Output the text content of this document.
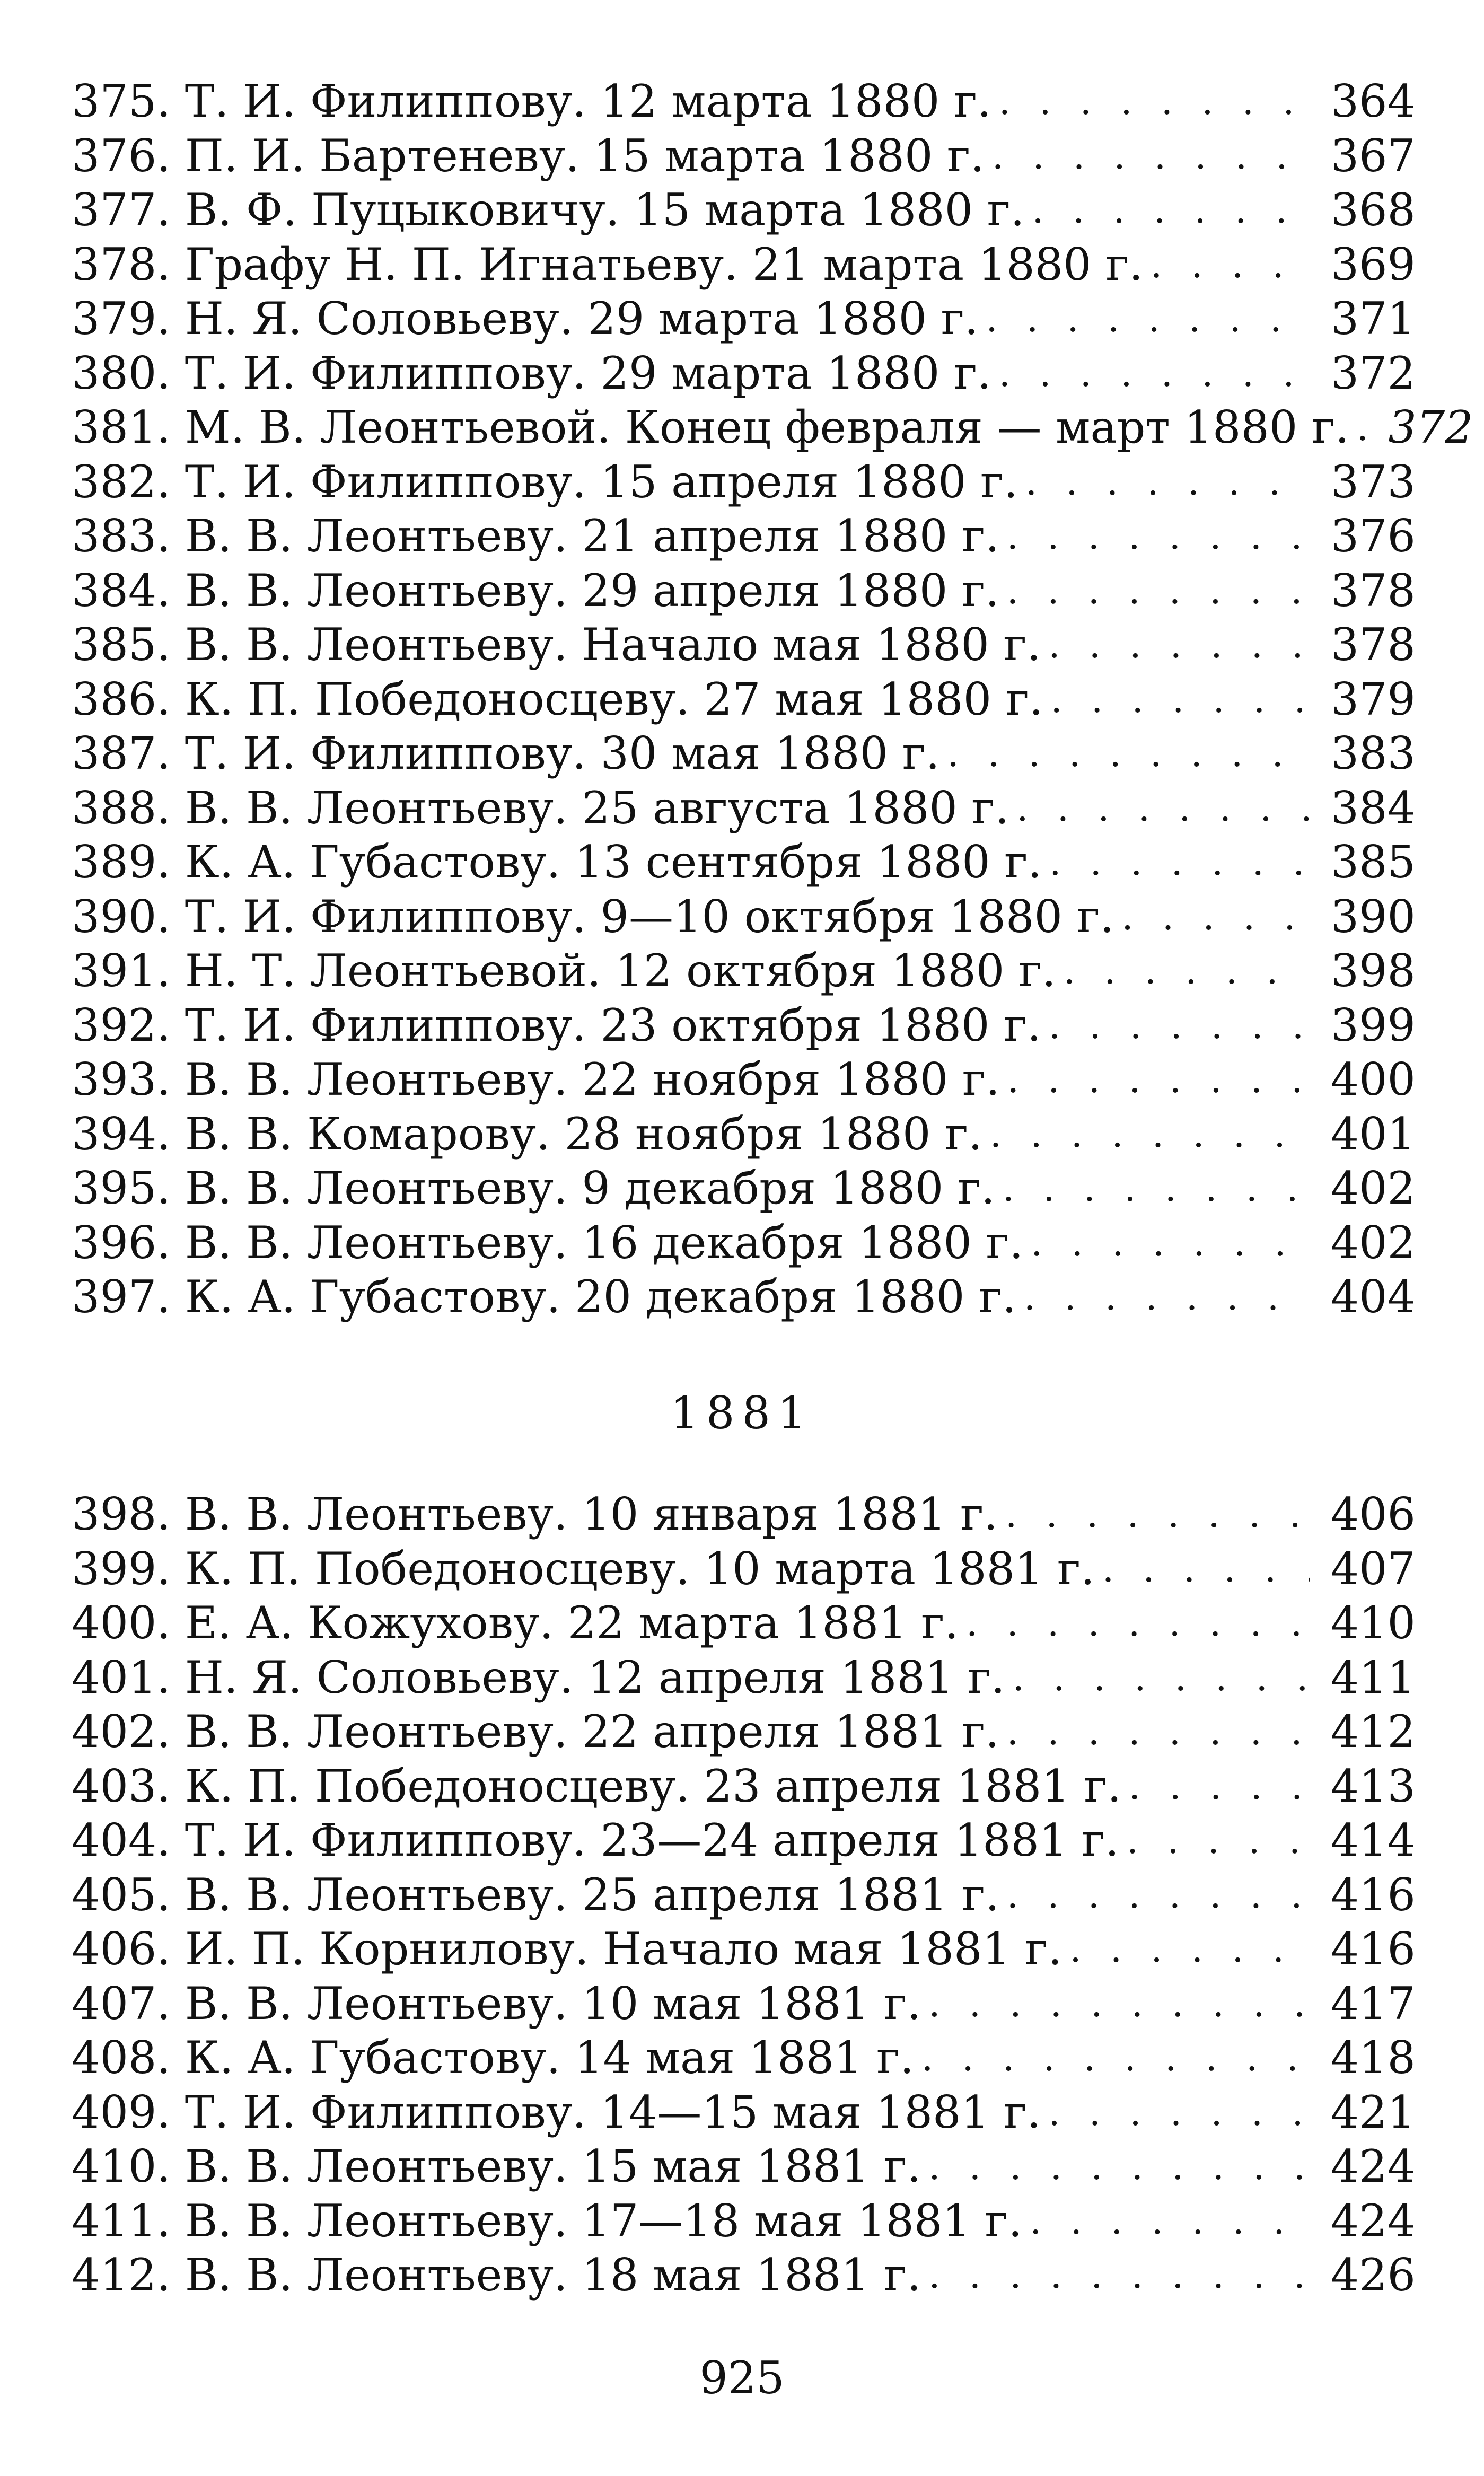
375. Т. И. Филиппову. 12 марта 1880 г. . . .	364
376. П. И. Бартеневу. 15 марта 1880 г. . . .	367
377. В. Ф. Пуцыковичу. 15 марта 1880 г. . . .	368
378. Графу Н. П. Игнатьеву. 21 марта 1880 г. . . .	369
379. Н. Я. Соловьеву. 29 марта 1880 г. . . .	371
380. Т. И. Филиппову. 29 марта 1880 г. . . .	372
381. М. В. Леонтьевой. Конец февраля — март 1880 г. . . . 372
382. Т. И. Филиппову. 15 апреля 1880 г. . . .	373
383. В. В. Леонтьеву. 21 апреля 1880 г. . . .	376
384. В. В. Леонтьеву. 29 апреля 1880 г. . . .	378
385. В. В. Леонтьеву. Начало мая 1880 г. . . .	378
386. К. П. Победоносцеву. 27 мая 1880 г. . . .	379
387. Т. И. Филиппову. 30 мая 1880 г. . . .	383
388. В. В. Леонтьеву. 25 августа 1880 г. . . .	384
389. К. А. Губастову. 13 сентября 1880 г. . . .	385
390. Т. И. Филиппову. 9—10 октября 1880 г. . . .	390
391. Н. Т. Леонтьевой. 12 октября 1880 г. . . .	398
392. Т. И. Филиппову. 23 октября 1880 г. . . .	399
393. В. В. Леонтьеву. 22 ноября 1880 г. . . .	400
394. В. В. Комарову. 28 ноября 1880 г. . . .	401
395. В. В. Леонтьеву. 9 декабря 1880 г. . . .	402
396. В. В. Леонтьеву. 16 декабря 1880 г. . . .	402
397. К. А. Губастову. 20 декабря 1880 г. . . .	404
1881
398. В. В. Леонтьеву. 10 января 1881 г. . . .	406
399. К. П. Победоносцеву. 10 марта 1881 г. . . .	407
400. Е. А. Кожухову. 22 марта 1881 г. . . .	410
401. Н. Я. Соловьеву. 12 апреля 1881 г. . . .	411
402. В. В. Леонтьеву. 22 апреля 1881 г. . . .	412
403. К. П. Победоносцеву. 23 апреля 1881 г. . . .	413
404. Т. И. Филиппову. 23—24 апреля 1881 г. . . .	414
405. В. В. Леонтьеву. 25 апреля 1881 г. . . .	416
406. И. П. Корнилову. Начало мая 1881 г. . . .	416
407. В. В. Леонтьеву. 10 мая 1881 г. . . .	417
408. К. А. Губастову. 14 мая 1881 г. . . .	418
409. Т. И. Филиппову. 14—15 мая 1881 г. . . .	421
410. В. В. Леонтьеву. 15 мая 1881 г. . . .	424
411. В. В. Леонтьеву. 17—18 мая 1881 г. . . .	424
412. В. В. Леонтьеву. 18 мая 1881 г. . . .	426
925
